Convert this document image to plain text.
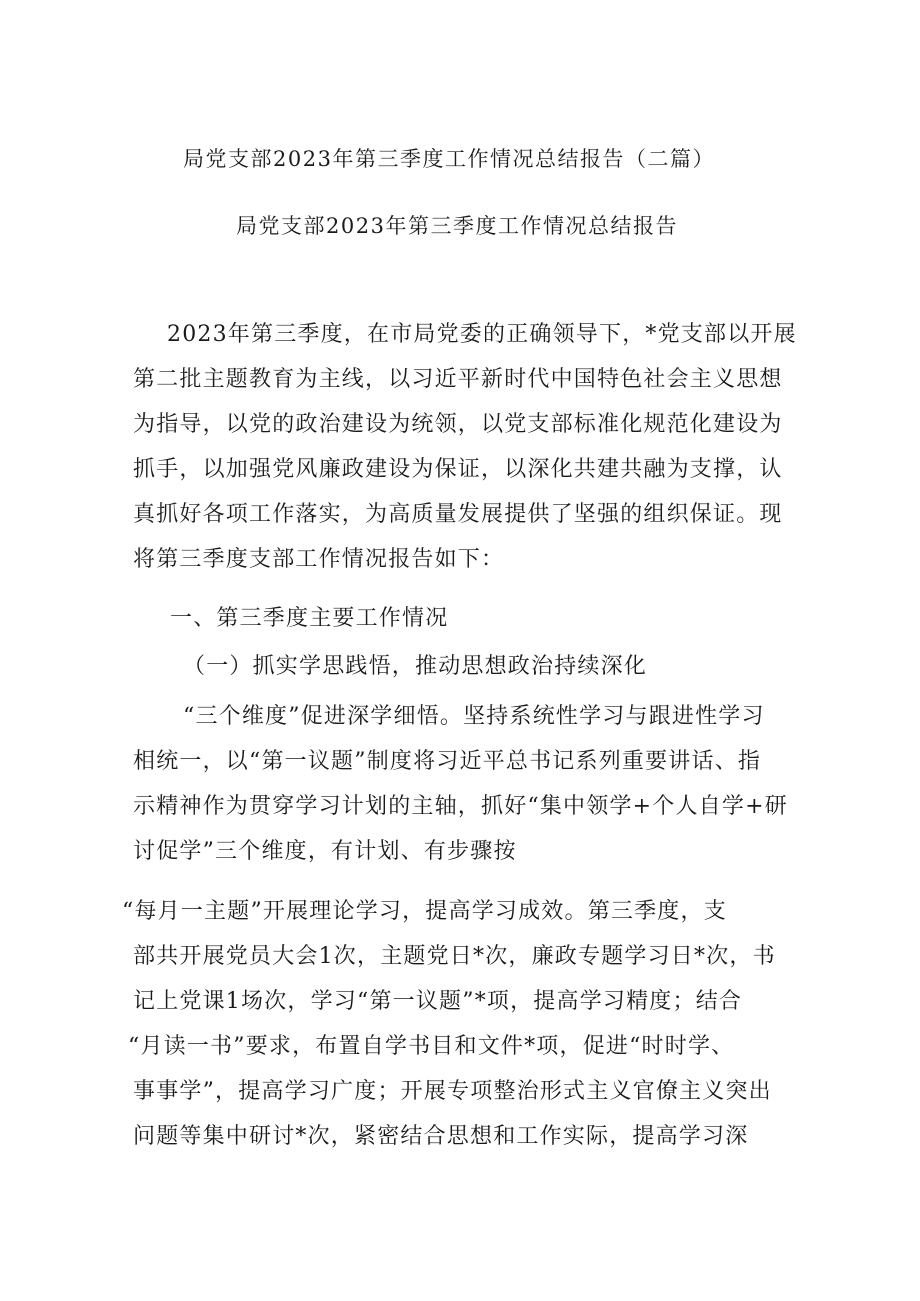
局党支部2023年第三季度工作情况总结报告（二篇）
局党支部2023年第三季度工作情况总结报告
2023年第三季度，在市局党委的正确领导下，*党支部以开展
第二批主题教育为主线，以习近平新时代中国特色社会主义思想
为指导，以党的政治建设为统领，以党支部标准化规范化建设为
抓手，以加强党风廉政建设为保证，以深化共建共融为支撑，认
真抓好各项工作落实，为高质量发展提供了坚强的组织保证。现
将第三季度支部工作情况报告如下：
一、第三季度主要工作情况
（一）抓实学思践悟，推动思想政治持续深化
“三个维度”促进深学细悟。坚持系统性学习与跟进性学习
相统一，以“第一议题”制度将习近平总书记系列重要讲话、指
示精神作为贯穿学习计划的主轴，抓好“集中领学+个人自学+研
讨促学”三个维度，有计划、有步骤按
“每月一主题”开展理论学习，提高学习成效。第三季度，支
部共开展党员大会1次，主题党日*次，廉政专题学习日*次，书
记上党课1场次，学习“第一议题”*项，提高学习精度；结合
“月读一书”要求，布置自学书目和文件*项，促进“时时学、
事事学”，提高学习广度；开展专项整治形式主义官僚主义突出
问题等集中研讨*次，紧密结合思想和工作实际，提高学习深
